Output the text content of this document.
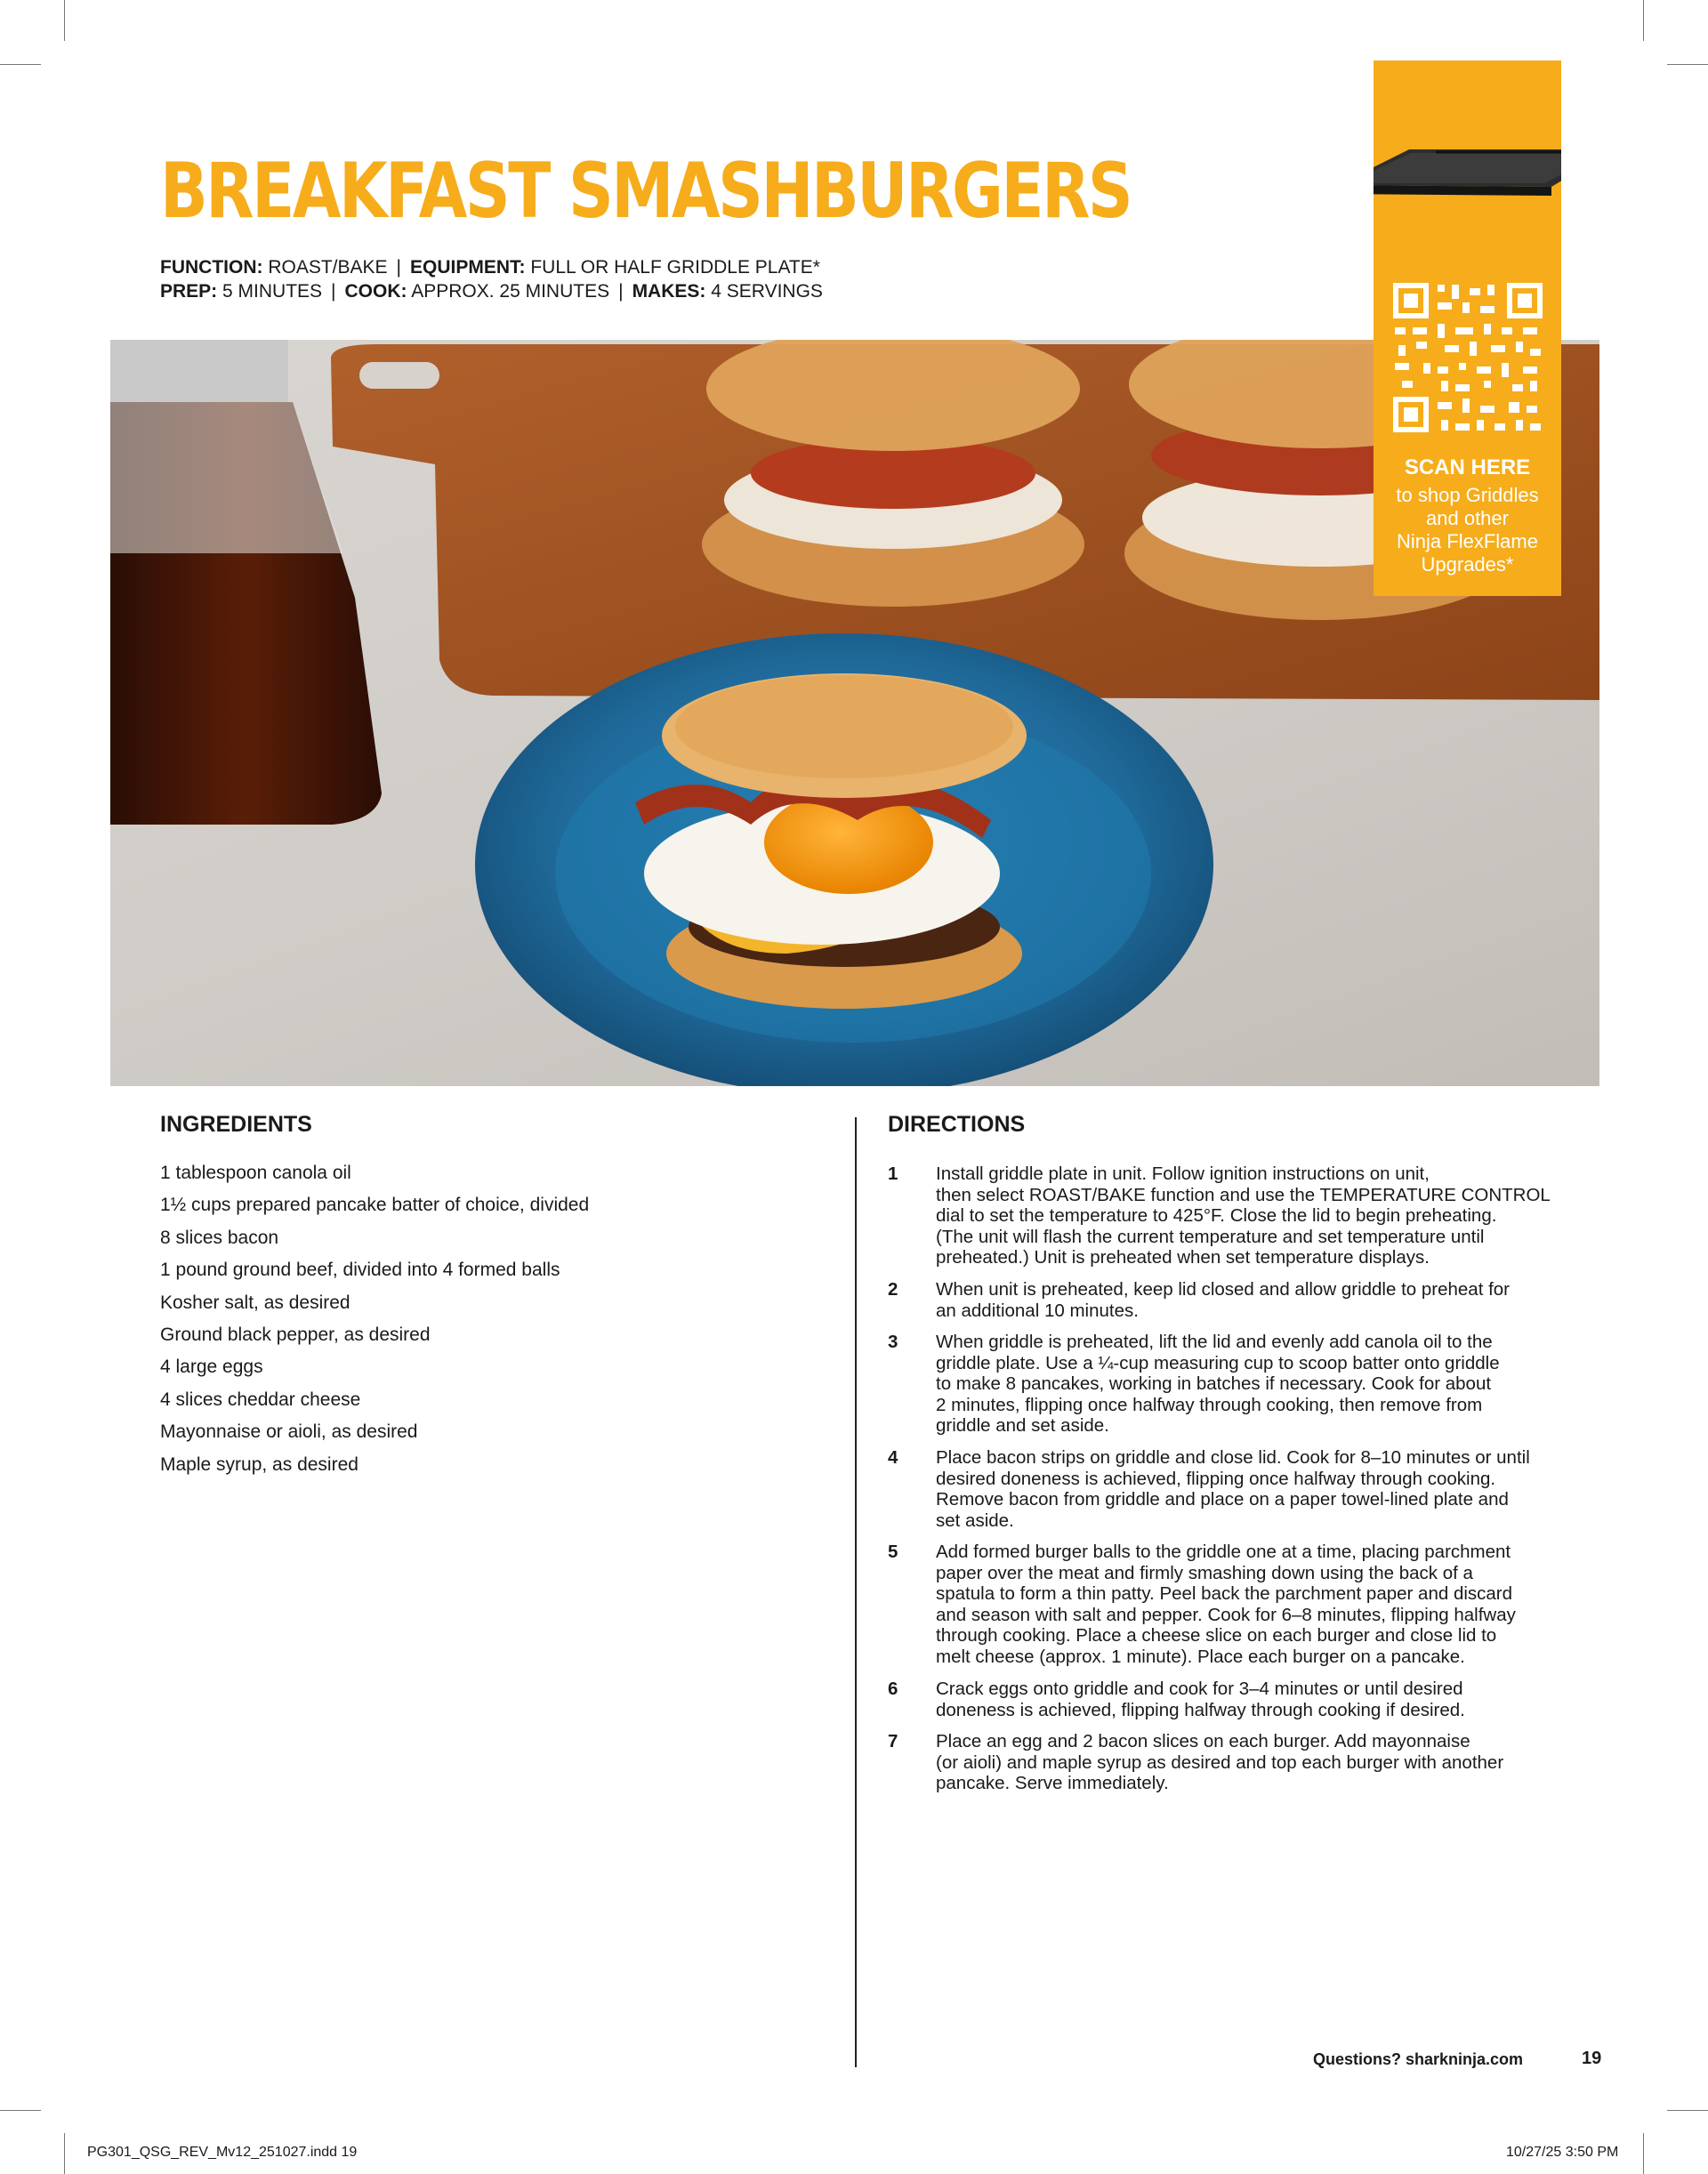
BREAKFAST SMASHBURGERS
FUNCTION: ROAST/BAKE | EQUIPMENT: FULL OR HALF GRIDDLE PLATE*
PREP: 5 MINUTES | COOK: APPROX. 25 MINUTES | MAKES: 4 SERVINGS
SCAN HERE
to shop Griddles
and other
Ninja FlexFlame
Upgrades*
INGREDIENTS
1 tablespoon canola oil
1½ cups prepared pancake batter of choice, divided
8 slices bacon
1 pound ground beef, divided into 4 formed balls
Kosher salt, as desired
Ground black pepper, as desired
4 large eggs
4 slices cheddar cheese
Mayonnaise or aioli, as desired
Maple syrup, as desired
DIRECTIONS
1 Install griddle plate in unit. Follow ignition instructions on unit,
then select ROAST/BAKE function and use the TEMPERATURE CONTROL
dial to set the temperature to 425°F. Close the lid to begin preheating.
(The unit will flash the current temperature and set temperature until
preheated.) Unit is preheated when set temperature displays.
2 When unit is preheated, keep lid closed and allow griddle to preheat for
an additional 10 minutes.
3 When griddle is preheated, lift the lid and evenly add canola oil to the
griddle plate. Use a ¼-cup measuring cup to scoop batter onto griddle
to make 8 pancakes, working in batches if necessary. Cook for about
2 minutes, flipping once halfway through cooking, then remove from
griddle and set aside.
4 Place bacon strips on griddle and close lid. Cook for 8–10 minutes or until
desired doneness is achieved, flipping once halfway through cooking.
Remove bacon from griddle and place on a paper towel-lined plate and
set aside.
5 Add formed burger balls to the griddle one at a time, placing parchment
paper over the meat and firmly smashing down using the back of a
spatula to form a thin patty. Peel back the parchment paper and discard
and season with salt and pepper. Cook for 6–8 minutes, flipping halfway
through cooking. Place a cheese slice on each burger and close lid to
melt cheese (approx. 1 minute). Place each burger on a pancake.
6 Crack eggs onto griddle and cook for 3–4 minutes or until desired
doneness is achieved, flipping halfway through cooking if desired.
7 Place an egg and 2 bacon slices on each burger. Add mayonnaise
(or aioli) and maple syrup as desired and top each burger with another
pancake. Serve immediately.
Questions? sharkninja.com	19
PG301_QSG_REV_Mv12_251027.indd 19	10/27/25 3:50 PM
